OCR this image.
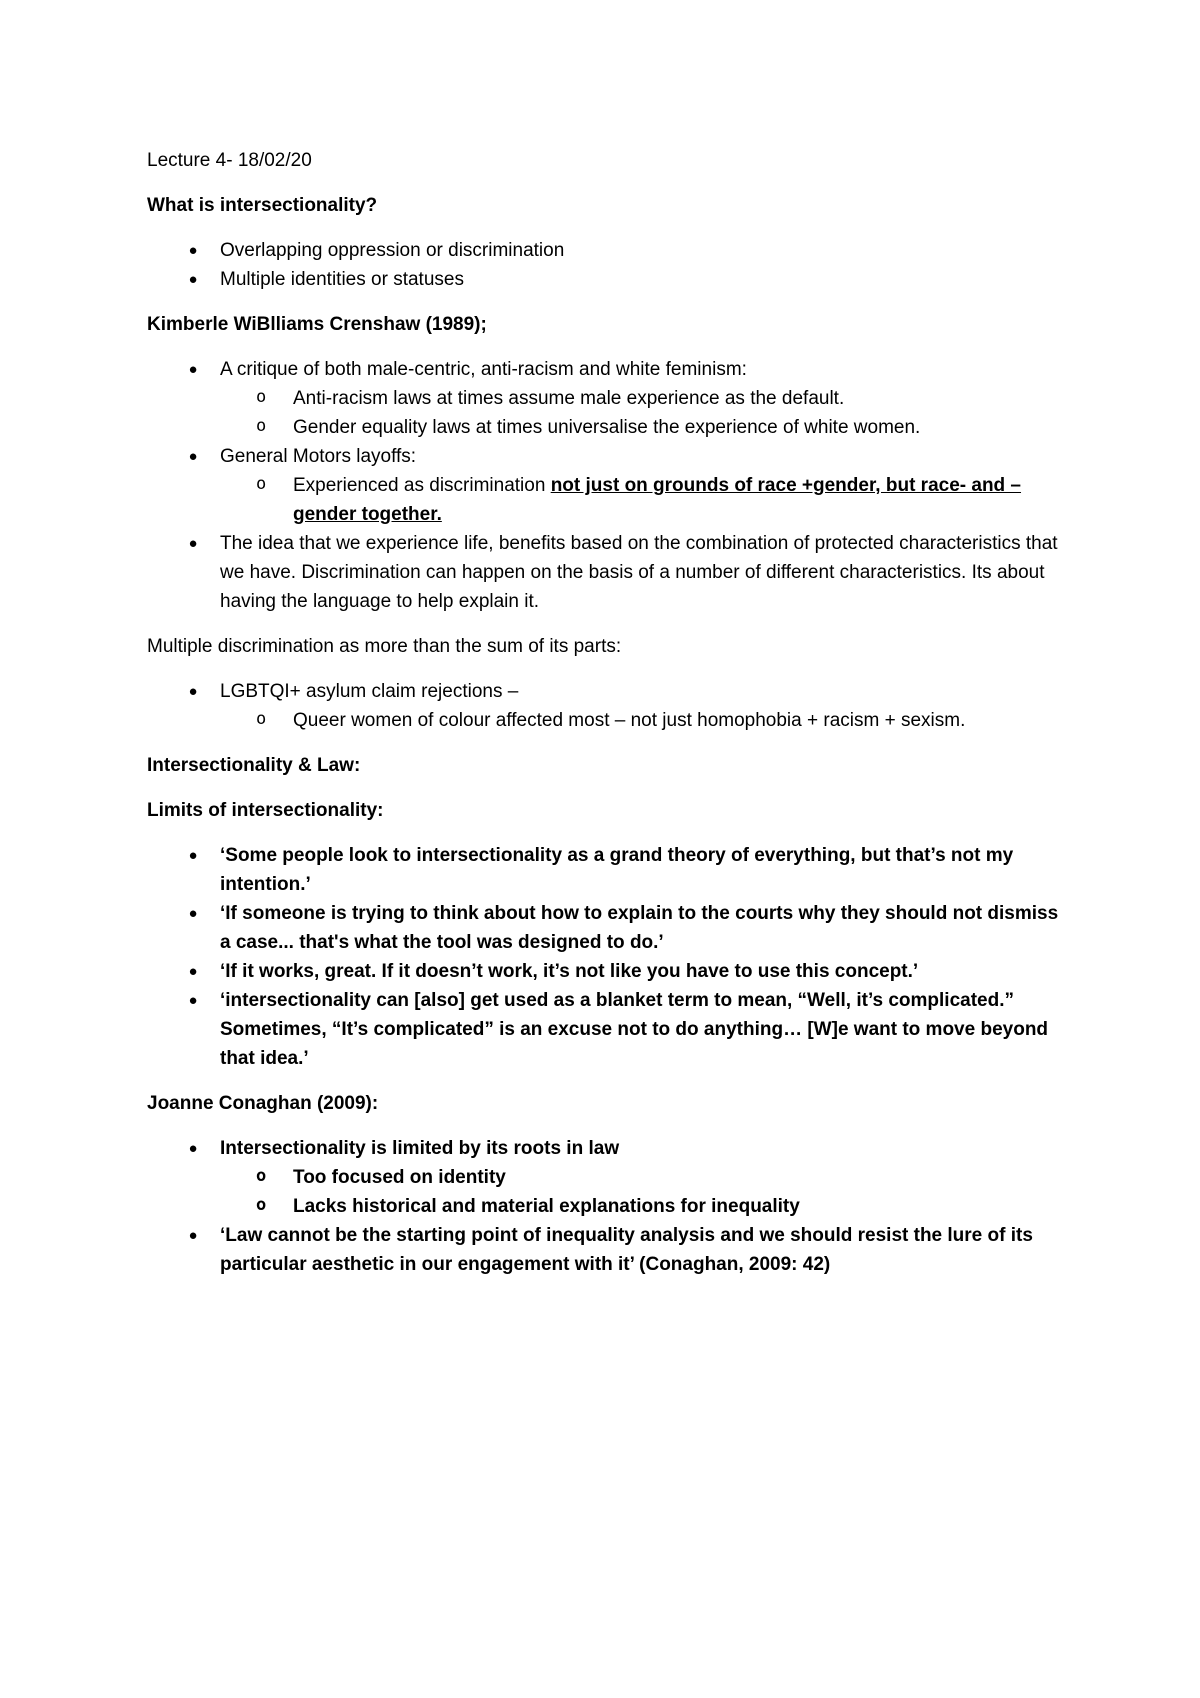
Lecture 4- 18/02/20

What is intersectionality?

● Overlapping oppression or discrimination
● Multiple identities or statuses

Kimberle WiBlliams Crenshaw (1989);

● A critique of both male-centric, anti-racism and white feminism:
o Anti-racism laws at times assume male experience as the default.
o Gender equality laws at times universalise the experience of white women.
● General Motors layoffs:
o Experienced as discrimination not just on grounds of race +gender, but race- and – gender together.
● The idea that we experience life, benefits based on the combination of protected characteristics that we have. Discrimination can happen on the basis of a number of different characteristics. Its about having the language to help explain it.

Multiple discrimination as more than the sum of its parts:

● LGBTQI+ asylum claim rejections –
o Queer women of colour affected most – not just homophobia + racism + sexism.

Intersectionality & Law:

Limits of intersectionality:

● ‘Some people look to intersectionality as a grand theory of everything, but that’s not my intention.’
● ‘If someone is trying to think about how to explain to the courts why they should not dismiss a case... that's what the tool was designed to do.’
● ‘If it works, great. If it doesn’t work, it’s not like you have to use this concept.’
● ‘intersectionality can [also] get used as a blanket term to mean, “Well, it’s complicated.” Sometimes, “It’s complicated” is an excuse not to do anything… [W]e want to move beyond that idea.’

Joanne Conaghan (2009):

● Intersectionality is limited by its roots in law
o Too focused on identity
o Lacks historical and material explanations for inequality
● ‘Law cannot be the starting point of inequality analysis and we should resist the lure of its particular aesthetic in our engagement with it’ (Conaghan, 2009: 42)
